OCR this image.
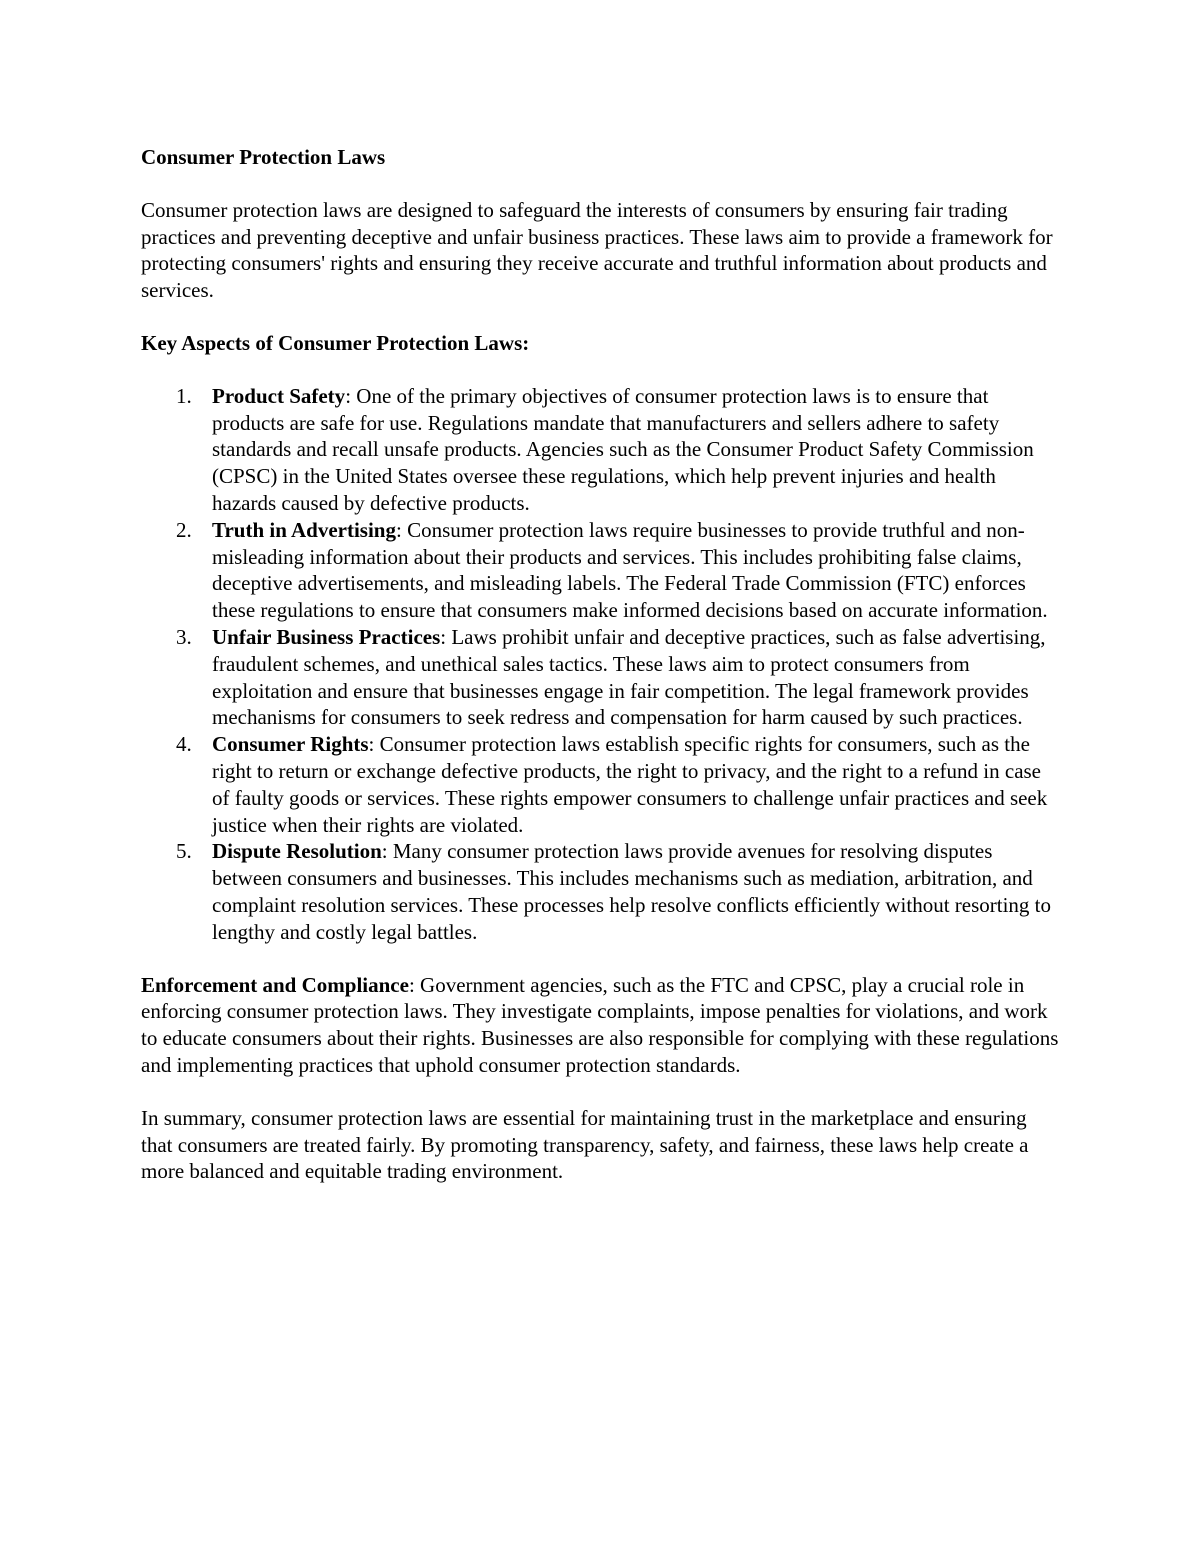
Consumer Protection Laws

Consumer protection laws are designed to safeguard the interests of consumers by ensuring fair trading practices and preventing deceptive and unfair business practices. These laws aim to provide a framework for protecting consumers' rights and ensuring they receive accurate and truthful information about products and services.

Key Aspects of Consumer Protection Laws:

1. Product Safety: One of the primary objectives of consumer protection laws is to ensure that products are safe for use. Regulations mandate that manufacturers and sellers adhere to safety standards and recall unsafe products. Agencies such as the Consumer Product Safety Commission (CPSC) in the United States oversee these regulations, which help prevent injuries and health hazards caused by defective products.
2. Truth in Advertising: Consumer protection laws require businesses to provide truthful and non-misleading information about their products and services. This includes prohibiting false claims, deceptive advertisements, and misleading labels. The Federal Trade Commission (FTC) enforces these regulations to ensure that consumers make informed decisions based on accurate information.
3. Unfair Business Practices: Laws prohibit unfair and deceptive practices, such as false advertising, fraudulent schemes, and unethical sales tactics. These laws aim to protect consumers from exploitation and ensure that businesses engage in fair competition. The legal framework provides mechanisms for consumers to seek redress and compensation for harm caused by such practices.
4. Consumer Rights: Consumer protection laws establish specific rights for consumers, such as the right to return or exchange defective products, the right to privacy, and the right to a refund in case of faulty goods or services. These rights empower consumers to challenge unfair practices and seek justice when their rights are violated.
5. Dispute Resolution: Many consumer protection laws provide avenues for resolving disputes between consumers and businesses. This includes mechanisms such as mediation, arbitration, and complaint resolution services. These processes help resolve conflicts efficiently without resorting to lengthy and costly legal battles.

Enforcement and Compliance: Government agencies, such as the FTC and CPSC, play a crucial role in enforcing consumer protection laws. They investigate complaints, impose penalties for violations, and work to educate consumers about their rights. Businesses are also responsible for complying with these regulations and implementing practices that uphold consumer protection standards.

In summary, consumer protection laws are essential for maintaining trust in the marketplace and ensuring that consumers are treated fairly. By promoting transparency, safety, and fairness, these laws help create a more balanced and equitable trading environment.
